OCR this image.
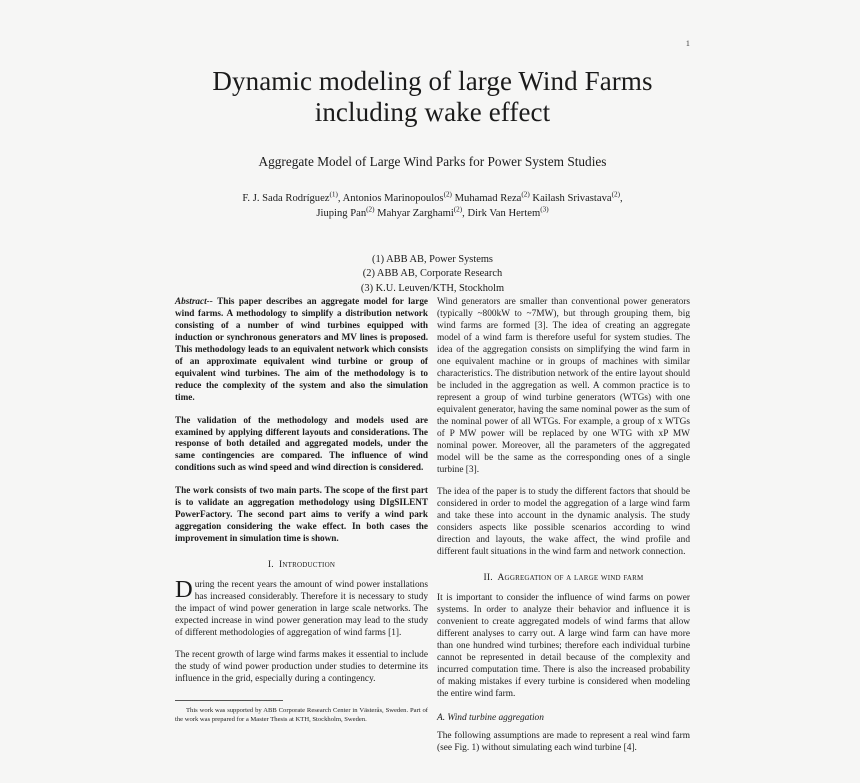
1
Dynamic modeling of large Wind Farms
including wake effect
Aggregate Model of Large Wind Parks for Power System Studies
F. J. Sada Rodríguez$^{(1)}$, Antonios Marinopoulos$^{(2)}$ Muhamad Reza$^{(2)}$ Kailash Srivastava$^{(2)}$,
Jiuping Pan$^{(2)}$ Mahyar Zarghami$^{(2)}$, Dirk Van Hertem$^{(3)}$
(1) ABB AB, Power Systems
(2) ABB AB, Corporate Research
(3) K.U. Leuven/KTH, Stockholm

Abstract-- This paper describes an aggregate model for large wind farms. A methodology to simplify a distribution network consisting of a number of wind turbines equipped with induction or synchronous generators and MV lines is proposed. This methodology leads to an equivalent network which consists of an approximate equivalent wind turbine or group of equivalent wind turbines. The aim of the methodology is to reduce the complexity of the system and also the simulation time.

The validation of the methodology and models used are examined by applying different layouts and considerations. The response of both detailed and aggregated models, under the same contingencies are compared. The influence of wind conditions such as wind speed and wind direction is considered.

The work consists of two main parts. The scope of the first part is to validate an aggregation methodology using DIgSILENT PowerFactory. The second part aims to verify a wind park aggregation considering the wake effect. In both cases the improvement in simulation time is shown.

I. Introduction

During the recent years the amount of wind power installations has increased considerably. Therefore it is necessary to study the impact of wind power generation in large scale networks. The expected increase in wind power generation may lead to the study of different methodologies of aggregation of wind farms [1].

The recent growth of large wind farms makes it essential to include the study of wind power production under studies to determine its influence in the grid, especially during a contingency.

Wind generators are smaller than conventional power generators (typically ~800kW to ~7MW), but through grouping them, big wind farms are formed [3]. The idea of creating an aggregate model of a wind farm is therefore useful for system studies. The idea of the aggregation consists on simplifying the wind farm in one equivalent machine or in groups of machines with similar characteristics. The distribution network of the entire layout should be included in the aggregation as well. A common practice is to represent a group of wind turbine generators (WTGs) with one equivalent generator, having the same nominal power as the sum of the nominal power of all WTGs. For example, a group of x WTGs of P MW power will be replaced by one WTG with xP MW nominal power. Moreover, all the parameters of the aggregated model will be the same as the corresponding ones of a single turbine [3].

The idea of the paper is to study the different factors that should be considered in order to model the aggregation of a large wind farm and take these into account in the dynamic analysis. The study considers aspects like possible scenarios according to wind direction and layouts, the wake affect, the wind profile and different fault situations in the wind farm and network connection.

II. Aggregation of a large wind farm

It is important to consider the influence of wind farms on power systems. In order to analyze their behavior and influence it is convenient to create aggregated models of wind farms that allow different analyses to carry out. A large wind farm can have more than one hundred wind turbines; therefore each individual turbine cannot be represented in detail because of the complexity and incurred computation time. There is also the increased probability of making mistakes if every turbine is considered when modeling the entire wind farm.

A. Wind turbine aggregation

The following assumptions are made to represent a real wind farm (see Fig. 1) without simulating each wind turbine [4].

This work was supported by ABB Corporate Research Center in Västerås, Sweden. Part of the work was prepared for a Master Thesis at KTH, Stockholm, Sweden.
